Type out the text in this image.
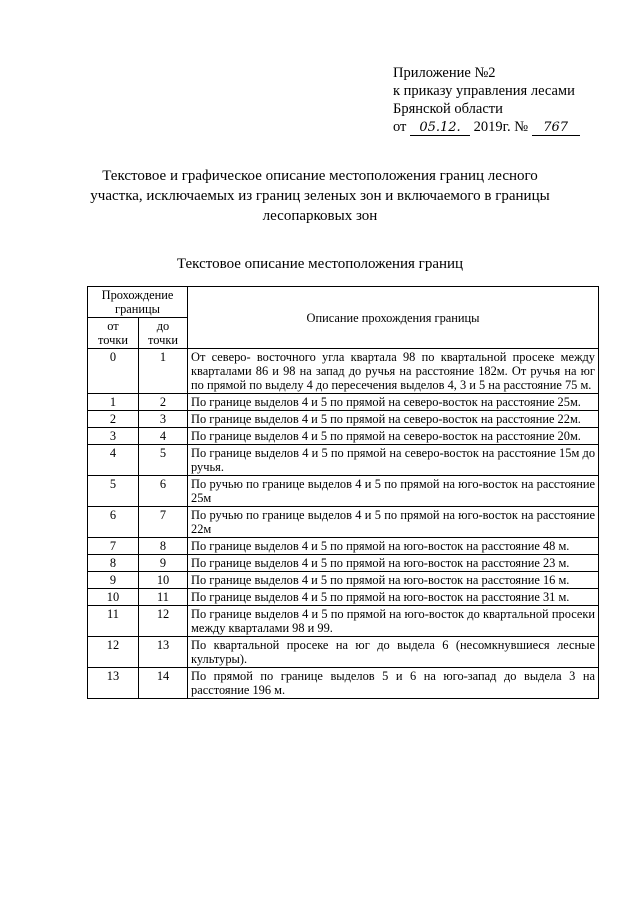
Приложение №2
к приказу управления лесами
Брянской области
от 05.12. 2019г. № 767
Текстовое и графическое описание местоположения границ лесного участка, исключаемых из границ зеленых зон и включаемого в границы лесопарковых зон
Текстовое описание местоположения границ
Прохождение границы		Описание прохождения границы
от точки	до точки	
0	1	От северо- восточного угла квартала 98 по квартальной просеке между кварталами 86 и 98 на запад до ручья на расстояние 182м. От ручья на юг по прямой по выделу 4 до пересечения выделов 4, 3 и 5 на расстояние 75 м.
1	2	По границе выделов 4 и 5 по прямой на северо-восток на расстояние 25м.
2	3	По границе выделов 4 и 5 по прямой на северо-восток на расстояние 22м.
3	4	По границе выделов 4 и 5 по прямой на северо-восток на расстояние 20м.
4	5	По границе выделов 4 и 5 по прямой на северо-восток на расстояние 15м до ручья.
5	6	По ручью по границе выделов 4 и 5 по прямой на юго-восток на расстояние 25м
6	7	По ручью по границе выделов 4 и 5 по прямой на юго-восток на расстояние 22м
7	8	По границе выделов 4 и 5 по прямой на юго-восток на расстояние 48 м.
8	9	По границе выделов 4 и 5 по прямой на юго-восток на расстояние 23 м.
9	10	По границе выделов 4 и 5 по прямой на юго-восток на расстояние 16 м.
10	11	По границе выделов 4 и 5 по прямой на юго-восток на расстояние 31 м.
11	12	По границе выделов 4 и 5 по прямой на юго-восток до квартальной просеки между кварталами 98 и 99.
12	13	По квартальной просеке на юг до выдела 6 (несомкнувшиеся лесные культуры).
13	14	По прямой по границе выделов 5 и 6 на юго-запад до выдела 3 на расстояние 196 м.
